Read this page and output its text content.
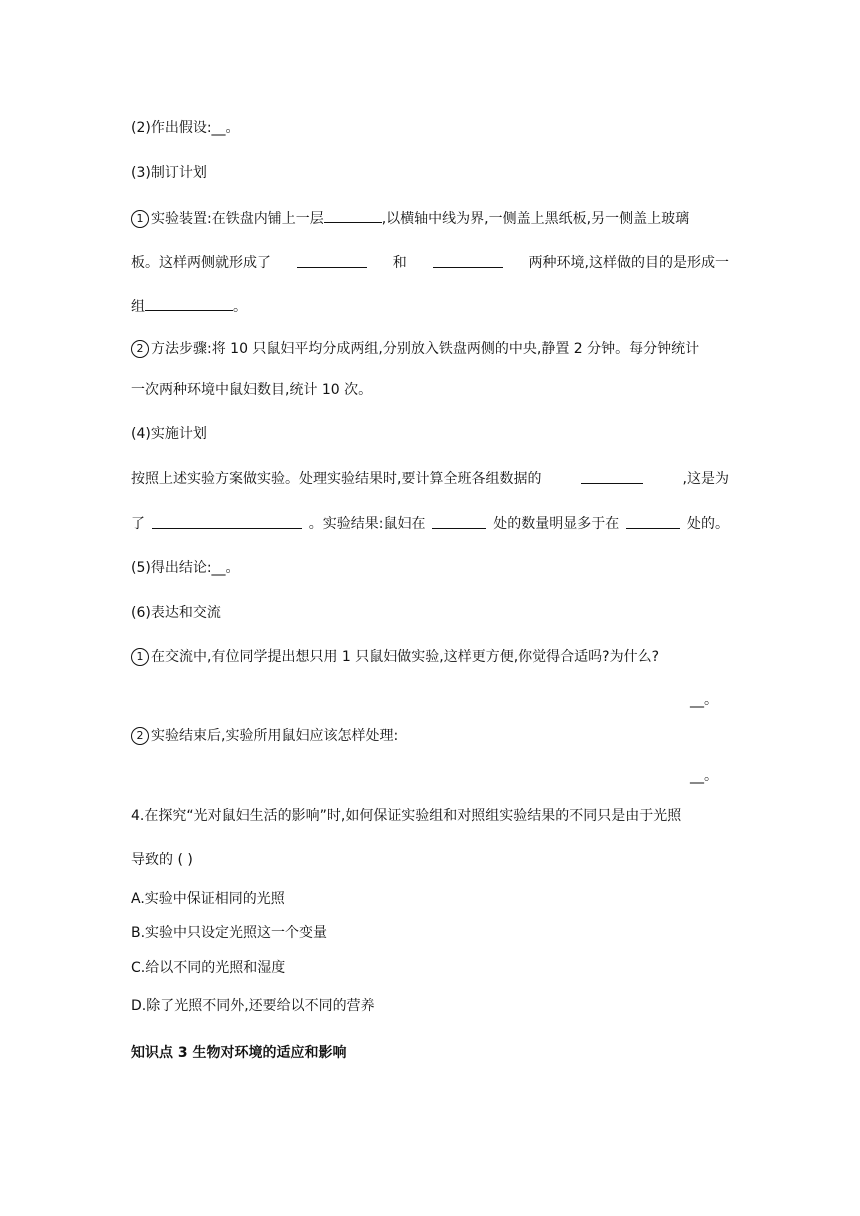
(2)作出假设:__。
(3)制订计划
1 实验装置:在铁盘内铺上一层	,以横轴中线为界,一侧盖上黑纸板,另一侧盖上玻璃
板。这样两侧就形成了	和	两种环境,这样做的目的是形成一
组	。
2 方法步骤:将 10 只鼠妇平均分成两组,分别放入铁盘两侧的中央,静置 2 分钟。每分钟统计
一次两种环境中鼠妇数目,统计 10 次。
(4)实施计划
按照上述实验方案做实验。处理实验结果时,要计算全班各组数据的	,这是为
了	。实验结果:鼠妇在	处的数量明显多于在	处的。
(5)得出结论:__。
(6)表达和交流
1 在交流中,有位同学提出想只用 1 只鼠妇做实验,这样更方便,你觉得合适吗?为什么?
__。
2 实验结束后,实验所用鼠妇应该怎样处理:
__。
4.在探究“光对鼠妇生活的影响”时,如何保证实验组和对照组实验结果的不同只是由于光照
导致的 ( )
A.实验中保证相同的光照
B.实验中只设定光照这一个变量
C.给以不同的光照和湿度
D.除了光照不同外,还要给以不同的营养
知识点 3 生物对环境的适应和影响
